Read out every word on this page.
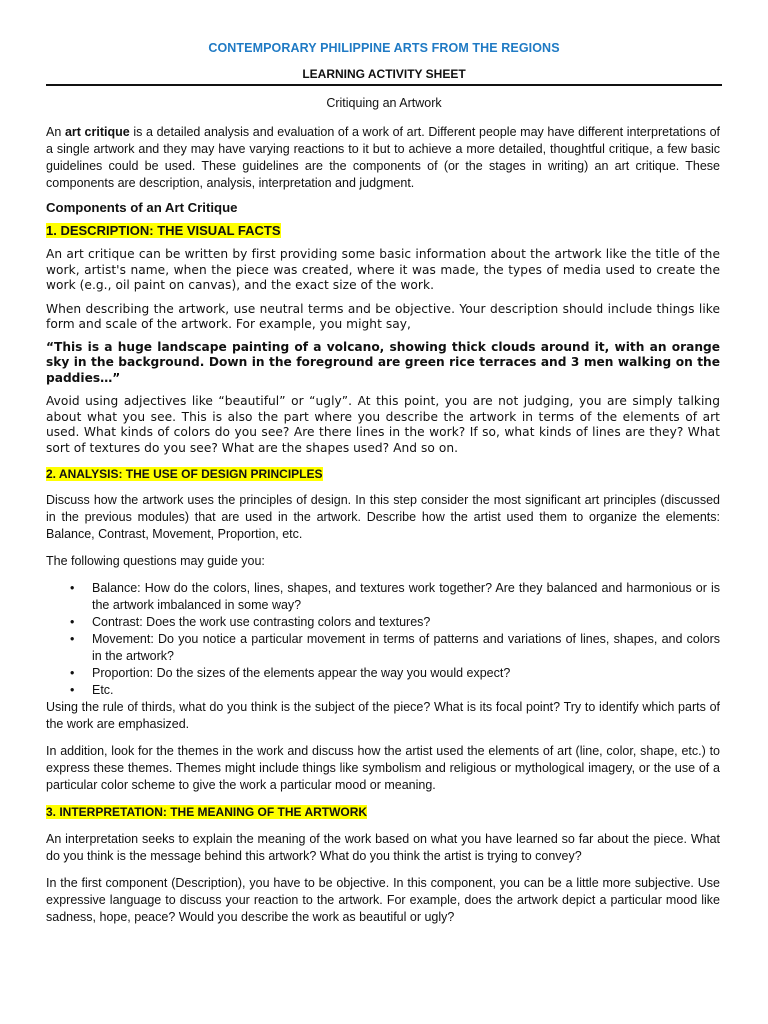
CONTEMPORARY PHILIPPINE ARTS FROM THE REGIONS
LEARNING ACTIVITY SHEET
Critiquing an Artwork

An art critique is a detailed analysis and evaluation of a work of art. Different people may have different interpretations of a single artwork and they may have varying reactions to it but to achieve a more detailed, thoughtful critique, a few basic guidelines could be used. These guidelines are the components of (or the stages in writing) an art critique. These components are description, analysis, interpretation and judgment.

Components of an Art Critique

1. DESCRIPTION: THE VISUAL FACTS

An art critique can be written by first providing some basic information about the artwork like the title of the work, artist's name, when the piece was created, where it was made, the types of media used to create the work (e.g., oil paint on canvas), and the exact size of the work.

When describing the artwork, use neutral terms and be objective. Your description should include things like form and scale of the artwork. For example, you might say,

“This is a huge landscape painting of a volcano, showing thick clouds around it, with an orange sky in the background. Down in the foreground are green rice terraces and 3 men walking on the paddies…”

Avoid using adjectives like “beautiful” or “ugly”. At this point, you are not judging, you are simply talking about what you see. This is also the part where you describe the artwork in terms of the elements of art used. What kinds of colors do you see? Are there lines in the work? If so, what kinds of lines are they? What sort of textures do you see? What are the shapes used? And so on.

2. ANALYSIS: THE USE OF DESIGN PRINCIPLES

Discuss how the artwork uses the principles of design. In this step consider the most significant art principles (discussed in the previous modules) that are used in the artwork. Describe how the artist used them to organize the elements: Balance, Contrast, Movement, Proportion, etc.

The following questions may guide you:

• Balance: How do the colors, lines, shapes, and textures work together? Are they balanced and harmonious or is the artwork imbalanced in some way?
• Contrast: Does the work use contrasting colors and textures?
• Movement: Do you notice a particular movement in terms of patterns and variations of lines, shapes, and colors in the artwork?
• Proportion: Do the sizes of the elements appear the way you would expect?
• Etc.

Using the rule of thirds, what do you think is the subject of the piece? What is its focal point? Try to identify which parts of the work are emphasized.

In addition, look for the themes in the work and discuss how the artist used the elements of art (line, color, shape, etc.) to express these themes. Themes might include things like symbolism and religious or mythological imagery, or the use of a particular color scheme to give the work a particular mood or meaning.

3. INTERPRETATION: THE MEANING OF THE ARTWORK

An interpretation seeks to explain the meaning of the work based on what you have learned so far about the piece. What do you think is the message behind this artwork? What do you think the artist is trying to convey?

In the first component (Description), you have to be objective. In this component, you can be a little more subjective. Use expressive language to discuss your reaction to the artwork. For example, does the artwork depict a particular mood like sadness, hope, peace? Would you describe the work as beautiful or ugly?
